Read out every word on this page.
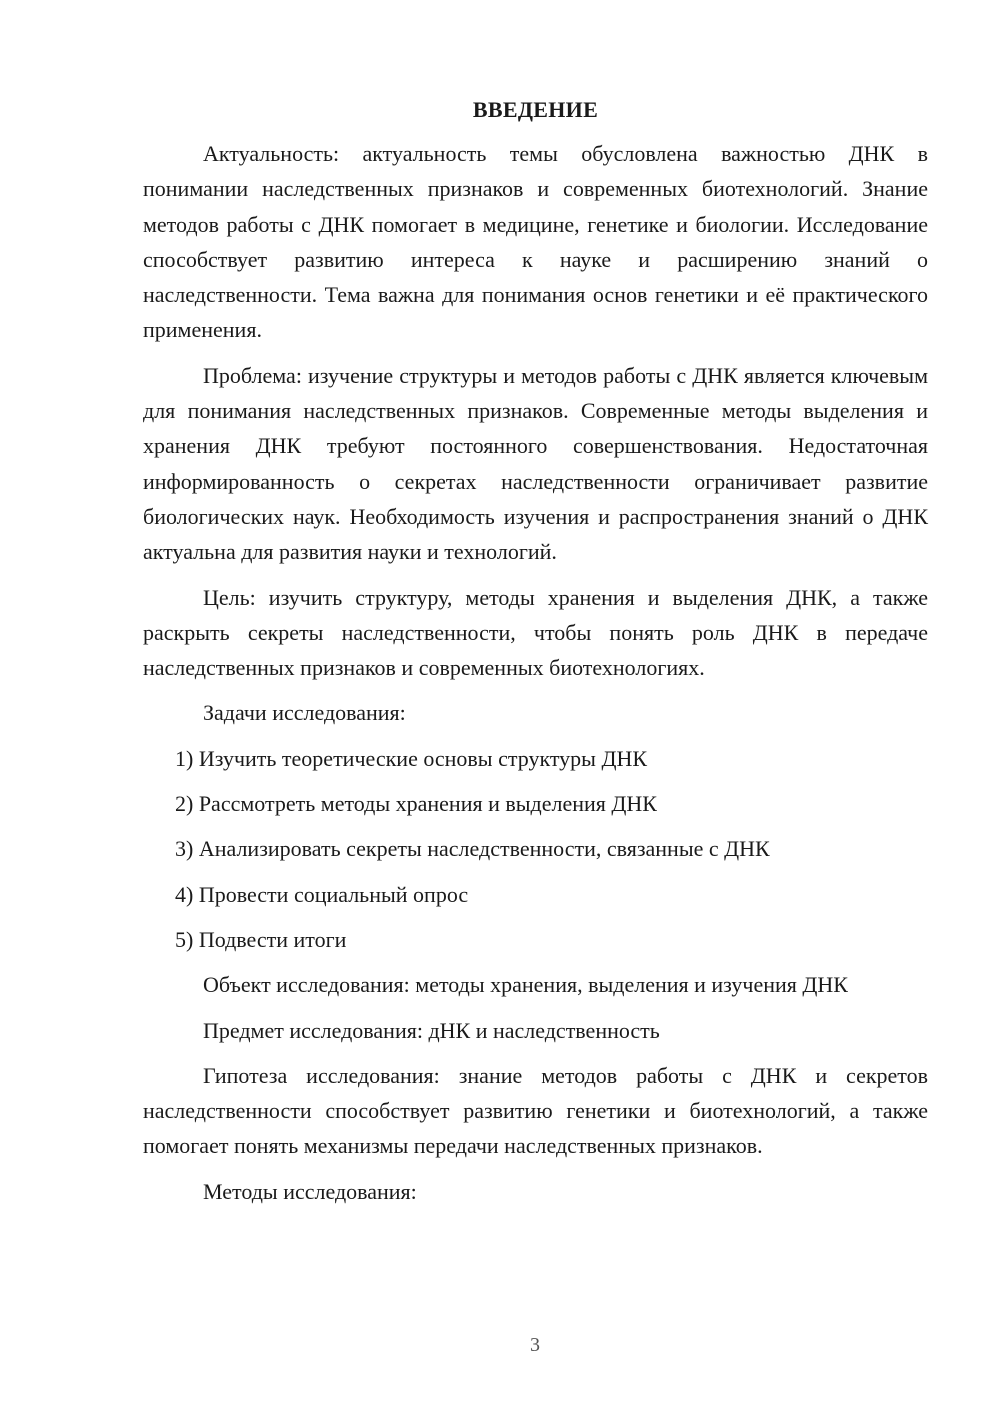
ВВЕДЕНИЕ

Актуальность: актуальность темы обусловлена важностью ДНК в понимании наследственных признаков и современных биотехнологий. Знание методов работы с ДНК помогает в медицине, генетике и биологии. Исследование способствует развитию интереса к науке и расширению знаний о наследственности. Тема важна для понимания основ генетики и её практического применения.

Проблема: изучение структуры и методов работы с ДНК является ключевым для понимания наследственных признаков. Современные методы выделения и хранения ДНК требуют постоянного совершенствования. Недостаточная информированность о секретах наследственности ограничивает развитие биологических наук. Необходимость изучения и распространения знаний о ДНК актуальна для развития науки и технологий.

Цель: изучить структуру, методы хранения и выделения ДНК, а также раскрыть секреты наследственности, чтобы понять роль ДНК в передаче наследственных признаков и современных биотехнологиях.

Задачи исследования:

1) Изучить теоретические основы структуры ДНК
2) Рассмотреть методы хранения и выделения ДНК
3) Анализировать секреты наследственности, связанные с ДНК
4) Провести социальный опрос
5) Подвести итоги

Объект исследования: методы хранения, выделения и изучения ДНК

Предмет исследования: дНК и наследственность

Гипотеза исследования: знание методов работы с ДНК и секретов наследственности способствует развитию генетики и биотехнологий, а также помогает понять механизмы передачи наследственных признаков.

Методы исследования:

3
